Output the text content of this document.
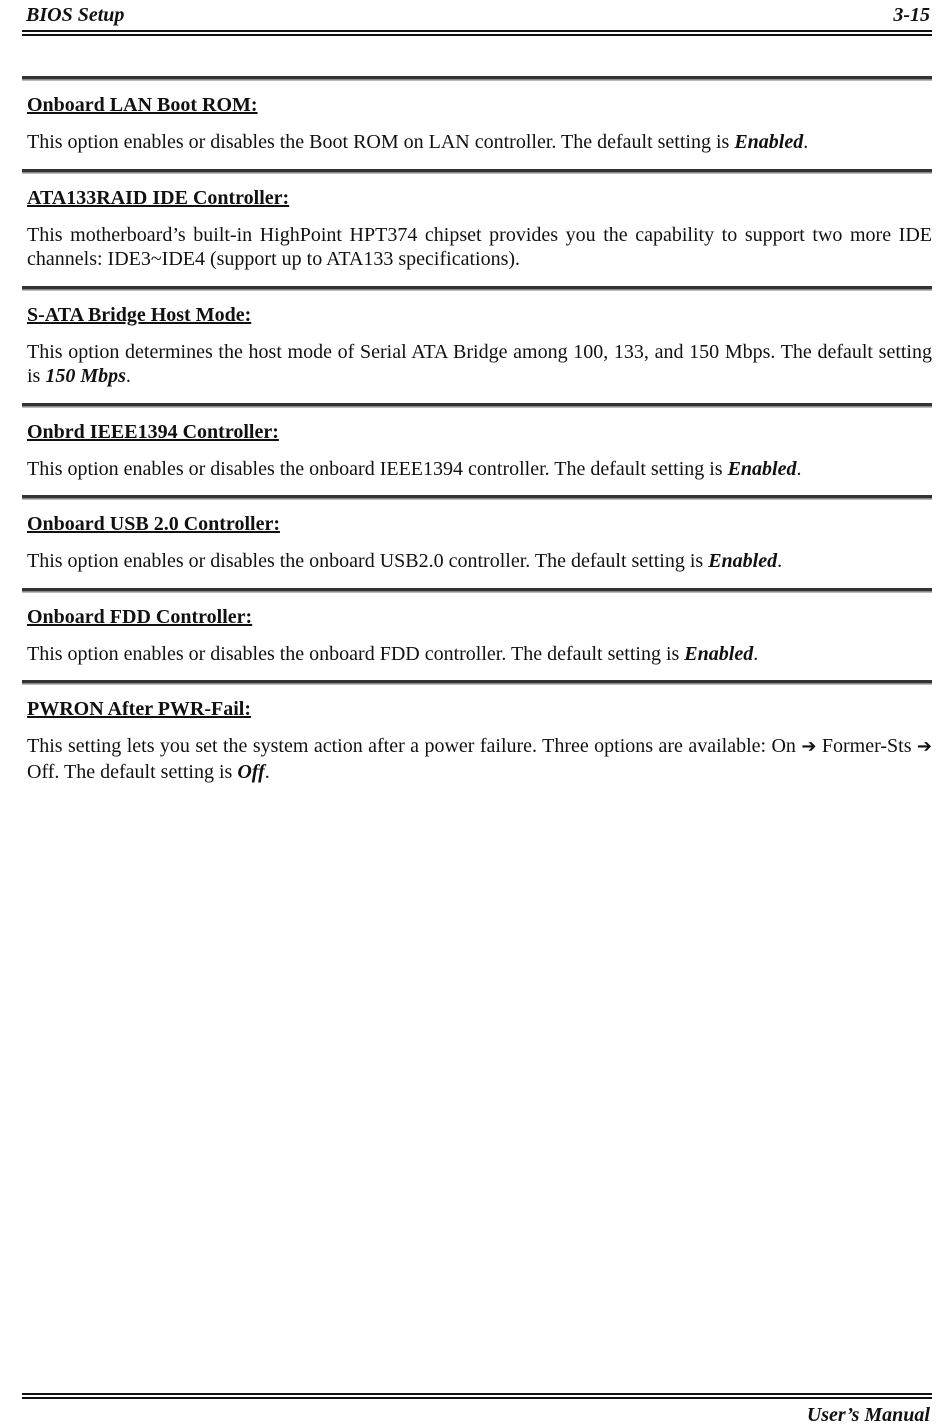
BIOS Setup	3-15
Onboard LAN Boot ROM:
This option enables or disables the Boot ROM on LAN controller. The default setting is Enabled.
ATA133RAID IDE Controller:
This motherboard’s built-in HighPoint HPT374 chipset provides you the capability to support two more IDE channels: IDE3~IDE4 (support up to ATA133 specifications).
S-ATA Bridge Host Mode:
This option determines the host mode of Serial ATA Bridge among 100, 133, and 150 Mbps. The default setting is 150 Mbps.
Onbrd IEEE1394 Controller:
This option enables or disables the onboard IEEE1394 controller. The default setting is Enabled.
Onboard USB 2.0 Controller:
This option enables or disables the onboard USB2.0 controller. The default setting is Enabled.
Onboard FDD Controller:
This option enables or disables the onboard FDD controller. The default setting is Enabled.
PWRON After PWR-Fail:
This setting lets you set the system action after a power failure. Three options are available: On ➔ Former-Sts ➔ Off. The default setting is Off.
User’s Manual
